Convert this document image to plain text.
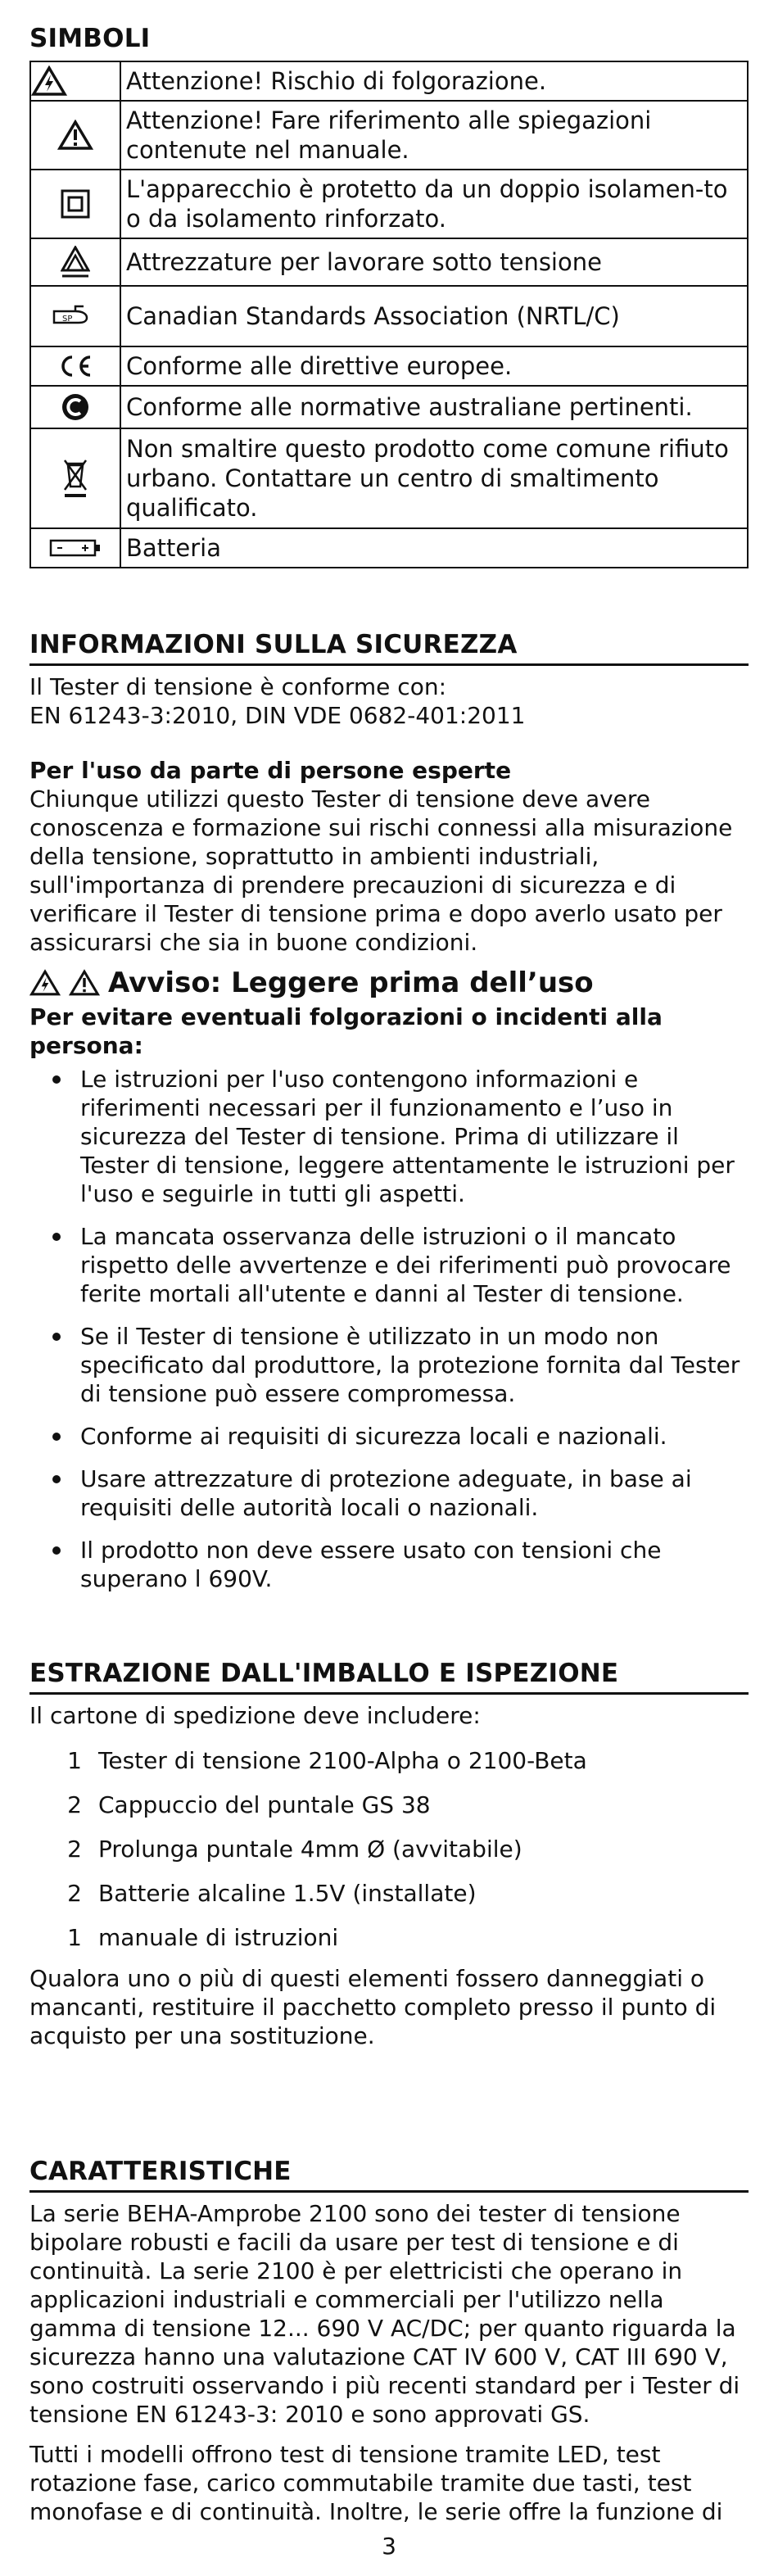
SIMBOLI
	Attenzione! Rischio di folgorazione.

	Attenzione! Fare riferimento alle spiegazioni contenute nel manuale.

	L'apparecchio è protetto da un doppio isolamen-to o da isolamento rinforzato.

	Attrezzature per lavorare sotto tensione

SP	Canadian Standards Association (NRTL/C)

	Conforme alle direttive europee.

	Conforme alle normative australiane pertinenti.

	Non smaltire questo prodotto come comune rifiuto urbano. Contattare un centro di smaltimento qualificato.

	Batteria
INFORMAZIONI SULLA SICUREZZA

Il Tester di tensione è conforme con:

EN 61243-3:2010, DIN VDE 0682-401:2011

Per l'uso da parte di persone esperte

Chiunque utilizzi questo Tester di tensione deve avere conoscenza e formazione sui rischi connessi alla misurazione della tensione, soprattutto in ambienti industriali, sull'importanza di prendere precauzioni di sicurezza e di verificare il Tester di tensione prima e dopo averlo usato per assicurarsi che sia in buone condizioni.

Avviso: Leggere prima dell’uso

Per evitare eventuali folgorazioni o incidenti alla persona:

Le istruzioni per l'uso contengono informazioni e riferimenti necessari per il funzionamento e l’uso in sicurezza del Tester di tensione. Prima di utilizzare il Tester di tensione, leggere attentamente le istruzioni per l'uso e seguirle in tutti gli aspetti.
La mancata osservanza delle istruzioni o il mancato rispetto delle avvertenze e dei riferimenti può provocare ferite mortali all'utente e danni al Tester di tensione.
Se il Tester di tensione è utilizzato in un modo non specificato dal produttore, la protezione fornita dal Tester di tensione può essere compromessa.
Conforme ai requisiti di sicurezza locali e nazionali.
Usare attrezzature di protezione adeguate, in base ai requisiti delle autorità locali o nazionali.
Il prodotto non deve essere usato con tensioni che superano l 690V.
ESTRAZIONE DALL'IMBALLO E ISPEZIONE

Il cartone di spedizione deve includere:

1 Tester di tensione 2100-Alpha o 2100-Beta
2 Cappuccio del puntale GS 38
2 Prolunga puntale 4mm Ø (avvitabile)
2 Batterie alcaline 1.5V (installate)
1 manuale di istruzioni

Qualora uno o più di questi elementi fossero danneggiati o mancanti, restituire il pacchetto completo presso il punto di acquisto per una sostituzione.

CARATTERISTICHE

La serie BEHA-Amprobe 2100 sono dei tester di tensione bipolare robusti e facili da usare per test di tensione e di continuità. La serie 2100 è per elettricisti che operano in applicazioni industriali e commerciali per l'utilizzo nella gamma di tensione 12... 690 V AC/DC; per quanto riguarda la sicurezza hanno una valutazione CAT IV 600 V, CAT III 690 V, sono costruiti osservando i più recenti standard per i Tester di tensione EN 61243-3: 2010 e sono approvati GS.

Tutti i modelli offrono test di tensione tramite LED, test rotazione fase, carico commutabile tramite due tasti, test monofase e di continuità. Inoltre, le serie offre la funzione di

3
